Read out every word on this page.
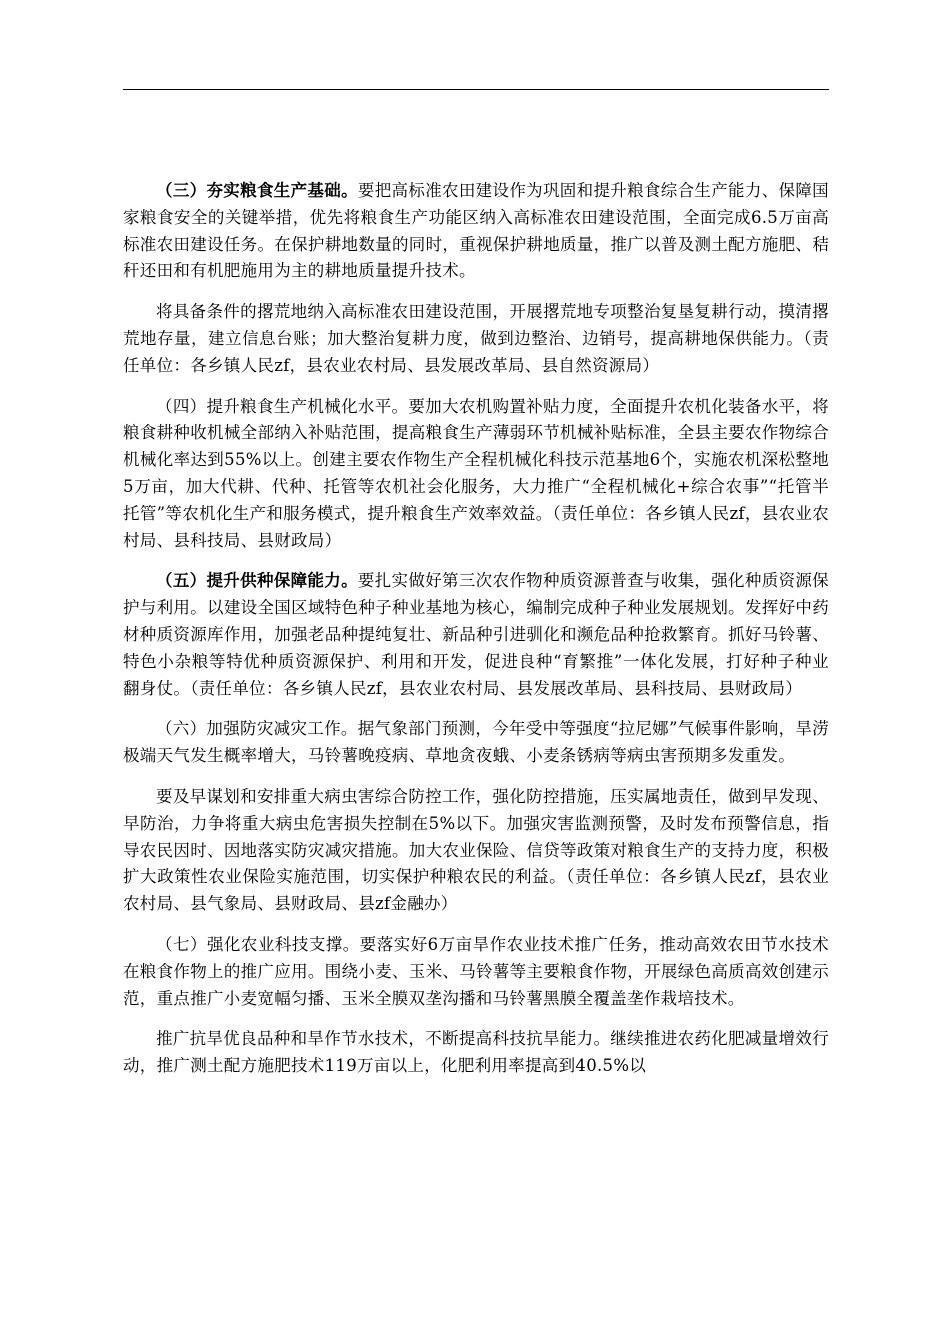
（三）夯实粮食生产基础。要把高标准农田建设作为巩固和提升粮食综合生产能力、保障国家粮食安全的关键举措，优先将粮食生产功能区纳入高标准农田建设范围，全面完成6.5万亩高标准农田建设任务。在保护耕地数量的同时，重视保护耕地质量，推广以普及测土配方施肥、秸秆还田和有机肥施用为主的耕地质量提升技术。

将具备条件的撂荒地纳入高标准农田建设范围，开展撂荒地专项整治复垦复耕行动，摸清撂荒地存量，建立信息台账；加大整治复耕力度，做到边整治、边销号，提高耕地保供能力。（责任单位：各乡镇人民zf，县农业农村局、县发展改革局、县自然资源局）

（四）提升粮食生产机械化水平。要加大农机购置补贴力度，全面提升农机化装备水平，将粮食耕种收机械全部纳入补贴范围，提高粮食生产薄弱环节机械补贴标准，全县主要农作物综合机械化率达到55%以上。创建主要农作物生产全程机械化科技示范基地6个，实施农机深松整地5万亩，加大代耕、代种、托管等农机社会化服务，大力推广“全程机械化+综合农事”“托管半托管”等农机化生产和服务模式，提升粮食生产效率效益。（责任单位：各乡镇人民zf，县农业农村局、县科技局、县财政局）

（五）提升供种保障能力。要扎实做好第三次农作物种质资源普查与收集，强化种质资源保护与利用。以建设全国区域特色种子种业基地为核心，编制完成种子种业发展规划。发挥好中药材种质资源库作用，加强老品种提纯复壮、新品种引进驯化和濒危品种抢救繁育。抓好马铃薯、特色小杂粮等特优种质资源保护、利用和开发，促进良种“育繁推”一体化发展，打好种子种业翻身仗。（责任单位：各乡镇人民zf，县农业农村局、县发展改革局、县科技局、县财政局）

（六）加强防灾减灾工作。据气象部门预测，今年受中等强度“拉尼娜”气候事件影响，旱涝极端天气发生概率增大，马铃薯晚疫病、草地贪夜蛾、小麦条锈病等病虫害预期多发重发。

要及早谋划和安排重大病虫害综合防控工作，强化防控措施，压实属地责任，做到早发现、早防治，力争将重大病虫危害损失控制在5%以下。加强灾害监测预警，及时发布预警信息，指导农民因时、因地落实防灾减灾措施。加大农业保险、信贷等政策对粮食生产的支持力度，积极扩大政策性农业保险实施范围，切实保护种粮农民的利益。（责任单位：各乡镇人民zf，县农业农村局、县气象局、县财政局、县zf金融办）

（七）强化农业科技支撑。要落实好6万亩旱作农业技术推广任务，推动高效农田节水技术在粮食作物上的推广应用。围绕小麦、玉米、马铃薯等主要粮食作物，开展绿色高质高效创建示范，重点推广小麦宽幅匀播、玉米全膜双垄沟播和马铃薯黑膜全覆盖垄作栽培技术。

推广抗旱优良品种和旱作节水技术，不断提高科技抗旱能力。继续推进农药化肥减量增效行动，推广测土配方施肥技术119万亩以上，化肥利用率提高到40.5%以
